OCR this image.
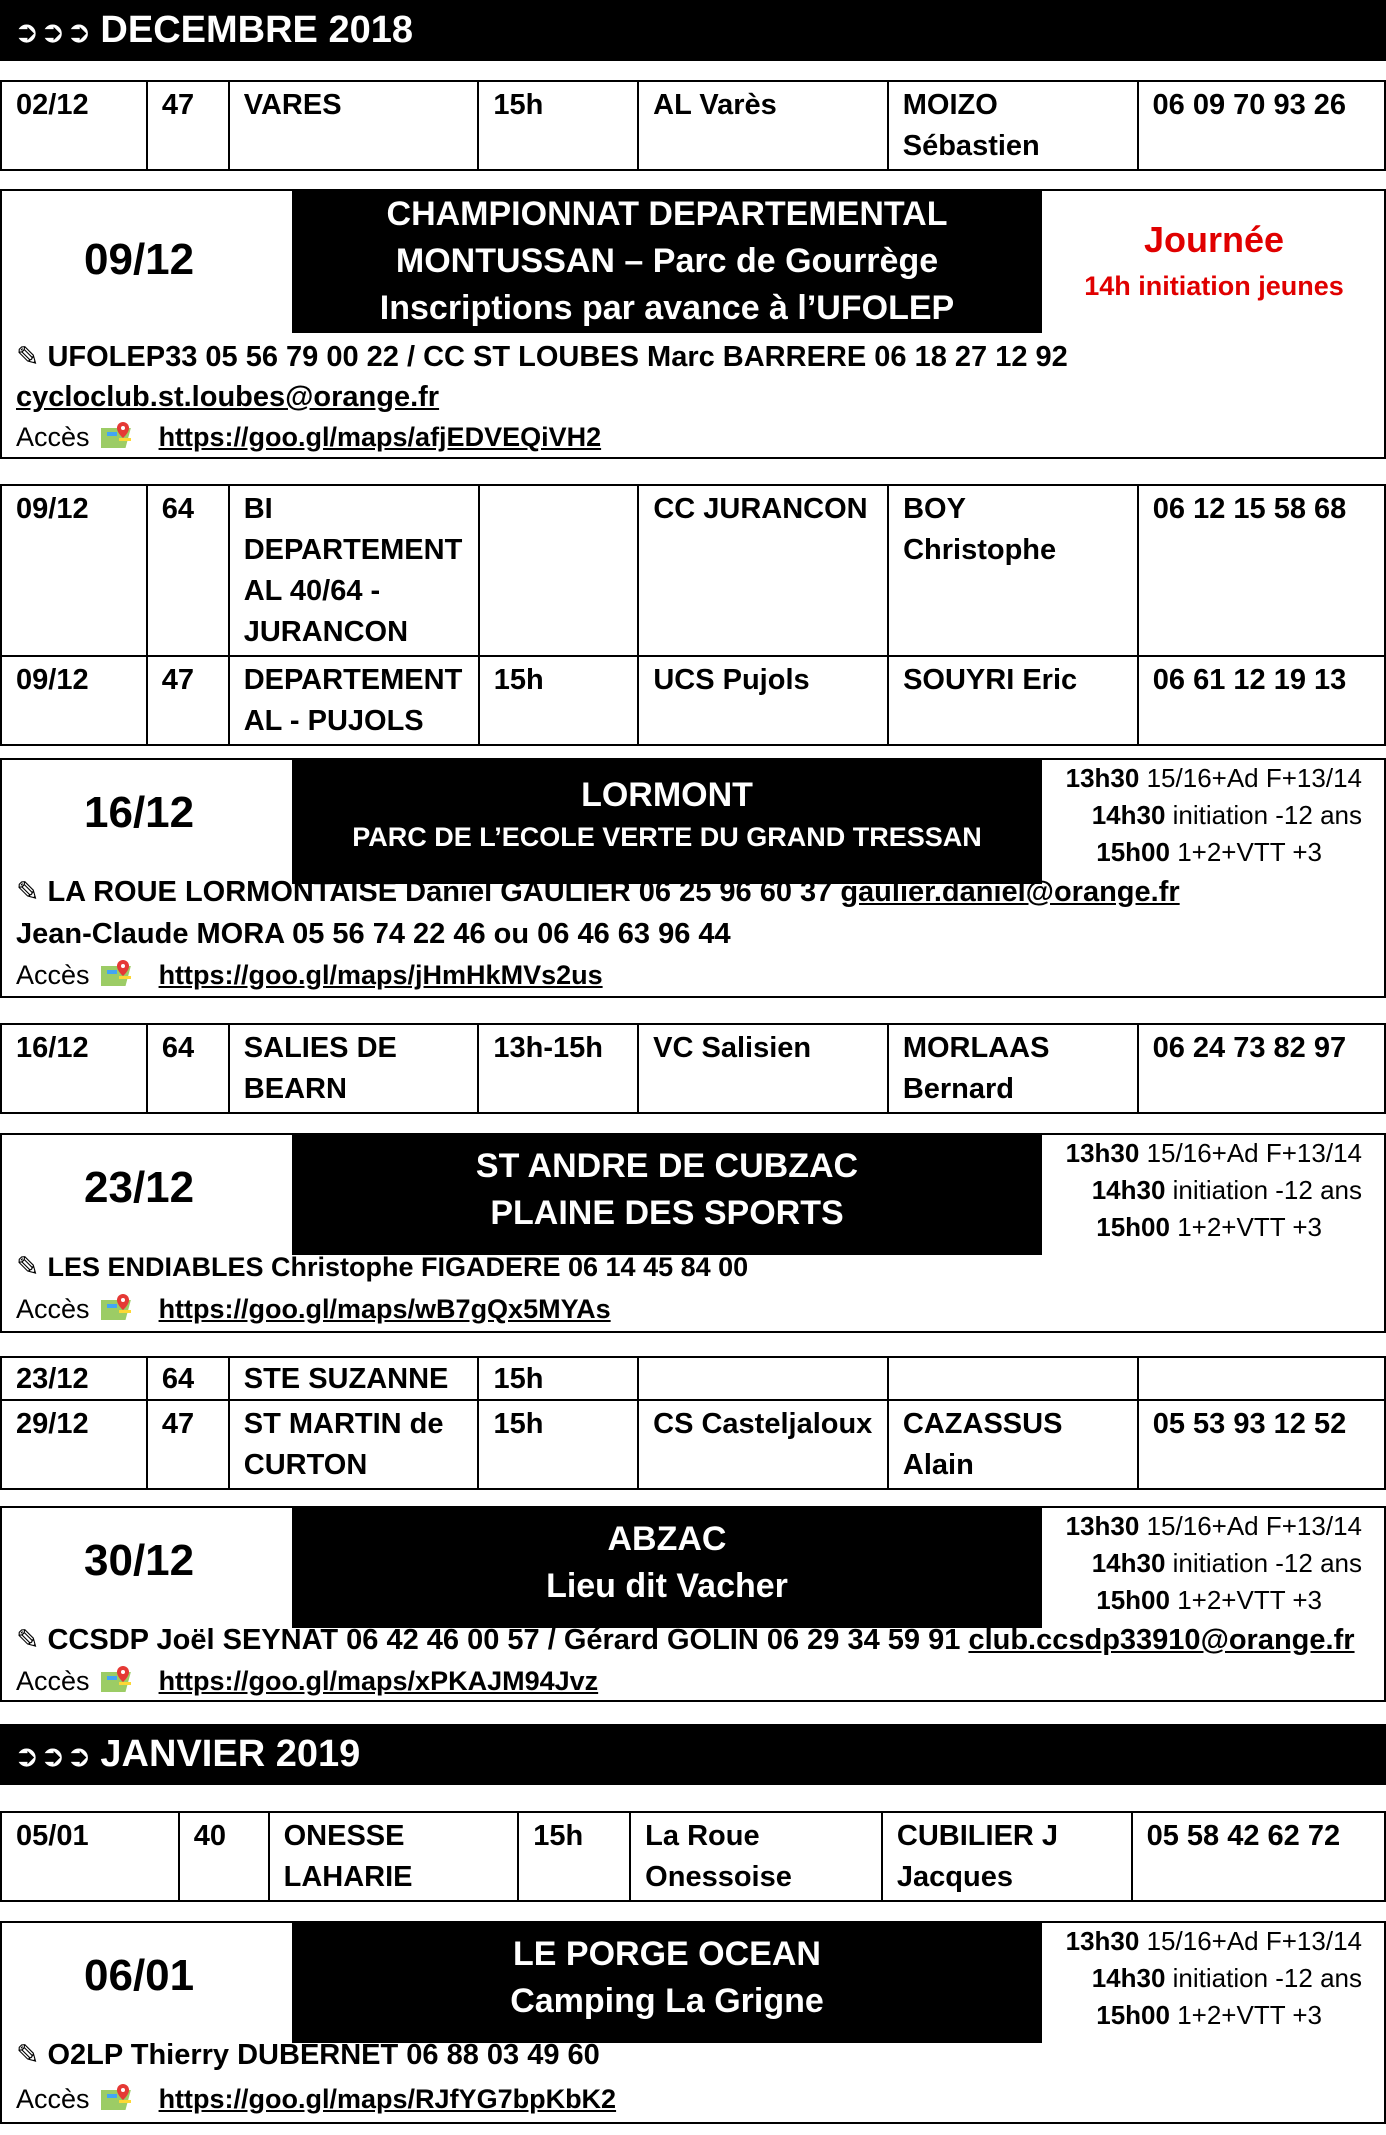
➲➲➲ DECEMBRE 2018
02/12	47	VARES	15h	AL Varès	MOIZO Sébastien	06 09 70 93 26
09/12
CHAMPIONNAT DEPARTEMENTAL
MONTUSSAN – Parc de Gourrège
Inscriptions par avance à l’UFOLEP
Journée
14h initiation jeunes
✎ UFOLEP33 05 56 79 00 22 / CC ST LOUBES Marc BARRERE 06 18 27 12 92
cycloclub.st.loubes@orange.fr
Accès	https://goo.gl/maps/afjEDVEQiVH2
09/12	64	BI DEPARTEMENT AL 40/64 - JURANCON		CC JURANCON	BOY Christophe	06 12 15 58 68
09/12	47	DEPARTEMENT AL - PUJOLS	15h	UCS Pujols	SOUYRI Eric	06 61 12 19 13
16/12	LORMONT
PARC DE L’ECOLE VERTE DU GRAND TRESSAN
13h30 15/16+Ad F+13/14
14h30 initiation -12 ans
15h00 1+2+VTT +3
✎ LA ROUE LORMONTAISE Daniel GAULIER 06 25 96 60 37 gaulier.daniel@orange.fr
Jean-Claude MORA 05 56 74 22 46 ou 06 46 63 96 44
Accès	https://goo.gl/maps/jHmHkMVs2us
16/12	64	SALIES DE BEARN	13h-15h	VC Salisien	MORLAAS Bernard	06 24 73 82 97
23/12	ST ANDRE DE CUBZAC
PLAINE DES SPORTS
13h30 15/16+Ad F+13/14
14h30 initiation -12 ans
15h00 1+2+VTT +3
✎ LES ENDIABLES Christophe FIGADERE 06 14 45 84 00
Accès	https://goo.gl/maps/wB7gQx5MYAs
23/12	64	STE SUZANNE	15h			
29/12	47	ST MARTIN de CURTON	15h	CS Casteljaloux	CAZASSUS Alain	05 53 93 12 52
30/12	ABZAC
Lieu dit Vacher
13h30 15/16+Ad F+13/14
14h30 initiation -12 ans
15h00 1+2+VTT +3
✎ CCSDP Joël SEYNAT 06 42 46 00 57 / Gérard GOLIN 06 29 34 59 91 club.ccsdp33910@orange.fr
Accès	https://goo.gl/maps/xPKAJM94Jvz
➲➲➲ JANVIER 2019
05/01	40	ONESSE LAHARIE	15h	La Roue Onessoise	CUBILIER J Jacques	05 58 42 62 72
06/01	LE PORGE OCEAN
Camping La Grigne
13h30 15/16+Ad F+13/14
14h30 initiation -12 ans
15h00 1+2+VTT +3
✎ O2LP Thierry DUBERNET 06 88 03 49 60
Accès	https://goo.gl/maps/RJfYG7bpKbK2
